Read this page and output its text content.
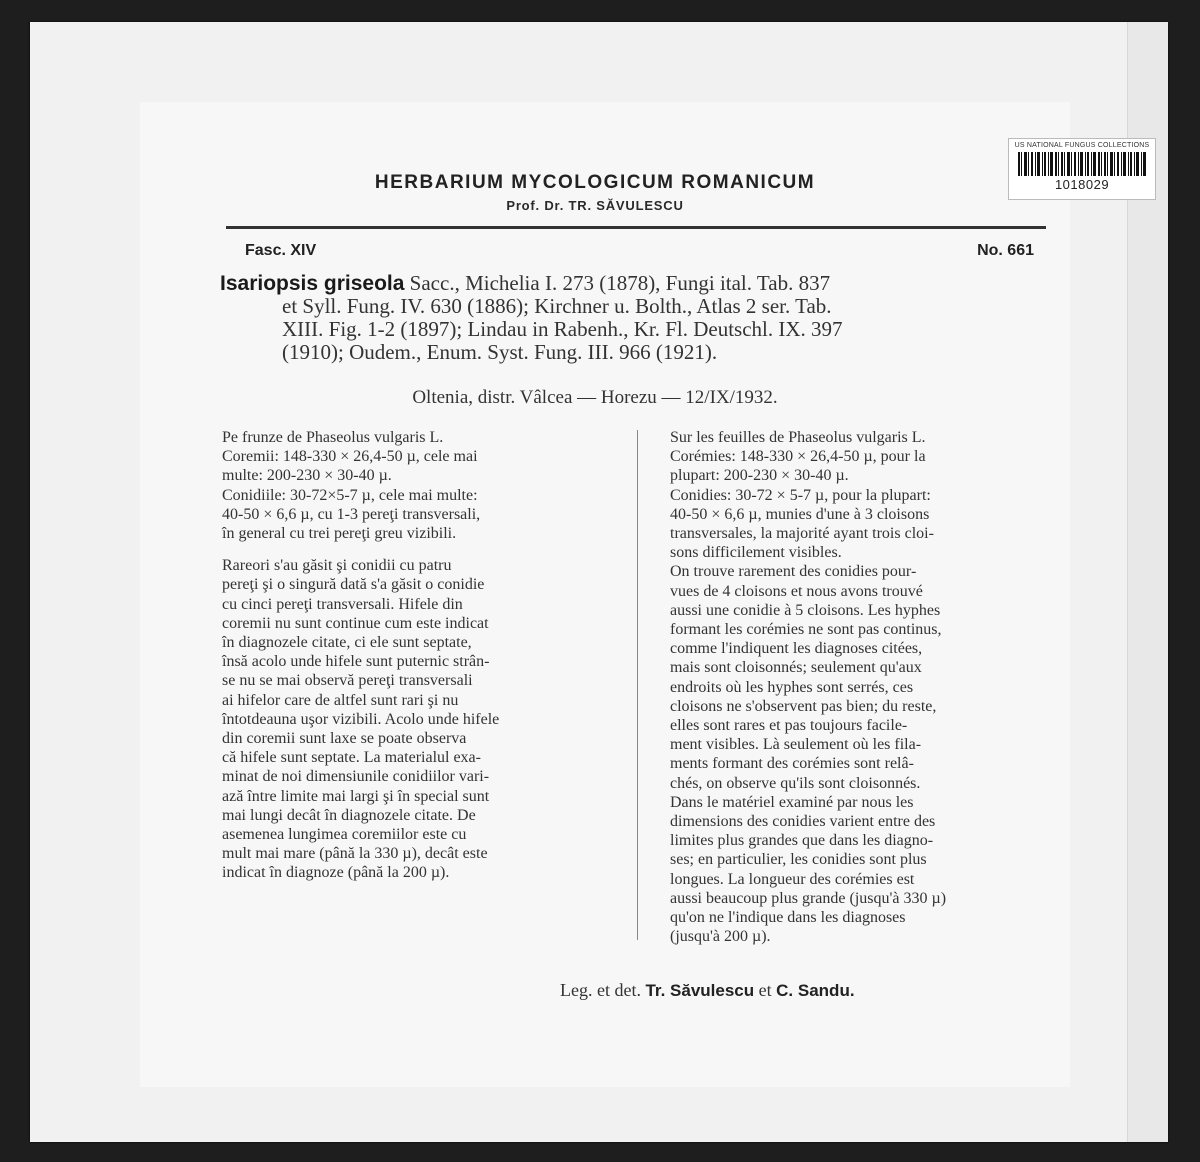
US NATIONAL FUNGUS COLLECTIONS
1018029
HERBARIUM MYCOLOGICUM ROMANICUM
Prof. Dr. TR. SĂVULESCU
Fasc. XIV	No. 661
Isariopsis griseola Sacc., Michelia I. 273 (1878), Fungi ital. Tab. 837
et Syll. Fung. IV. 630 (1886); Kirchner u. Bolth., Atlas 2 ser. Tab.
XIII. Fig. 1-2 (1897); Lindau in Rabenh., Kr. Fl. Deutschl. IX. 397
(1910); Oudem., Enum. Syst. Fung. III. 966 (1921).
Oltenia, distr. Vâlcea — Horezu — 12/IX/1932.
Pe frunze de Phaseolus vulgaris L.
Coremii: 148-330 × 26,4-50 µ, cele mai
multe: 200-230 × 30-40 µ.
Conidiile: 30-72×5-7 µ, cele mai multe:
40-50 × 6,6 µ, cu 1-3 pereţi transversali,
în general cu trei pereţi greu vizibili.
Rareori s'au găsit şi conidii cu patru
pereţi şi o singură dată s'a găsit o conidie
cu cinci pereţi transversali. Hifele din
coremii nu sunt continue cum este indicat
în diagnozele citate, ci ele sunt septate,
însă acolo unde hifele sunt puternic strân-
se nu se mai observă pereţi transversali
ai hifelor care de altfel sunt rari şi nu
întotdeauna uşor vizibili. Acolo unde hifele
din coremii sunt laxe se poate observa
că hifele sunt septate. La materialul exa-
minat de noi dimensiunile conidiilor vari-
ază între limite mai largi şi în special sunt
mai lungi decât în diagnozele citate. De
asemenea lungimea coremiilor este cu
mult mai mare (până la 330 µ), decât este
indicat în diagnoze (până la 200 µ).
Sur les feuilles de Phaseolus vulgaris L.
Corémies: 148-330 × 26,4-50 µ, pour la
plupart: 200-230 × 30-40 µ.
Conidies: 30-72 × 5-7 µ, pour la plupart:
40-50 × 6,6 µ, munies d'une à 3 cloisons
transversales, la majorité ayant trois cloi-
sons difficilement visibles.
On trouve rarement des conidies pour-
vues de 4 cloisons et nous avons trouvé
aussi une conidie à 5 cloisons. Les hyphes
formant les corémies ne sont pas continus,
comme l'indiquent les diagnoses citées,
mais sont cloisonnés; seulement qu'aux
endroits où les hyphes sont serrés, ces
cloisons ne s'observent pas bien; du reste,
elles sont rares et pas toujours facile-
ment visibles. Là seulement où les fila-
ments formant des corémies sont relâ-
chés, on observe qu'ils sont cloisonnés.
Dans le matériel examiné par nous les
dimensions des conidies varient entre des
limites plus grandes que dans les diagno-
ses; en particulier, les conidies sont plus
longues. La longueur des corémies est
aussi beaucoup plus grande (jusqu'à 330 µ)
qu'on ne l'indique dans les diagnoses
(jusqu'à 200 µ).
Leg. et det. Tr. Săvulescu et C. Sandu.
